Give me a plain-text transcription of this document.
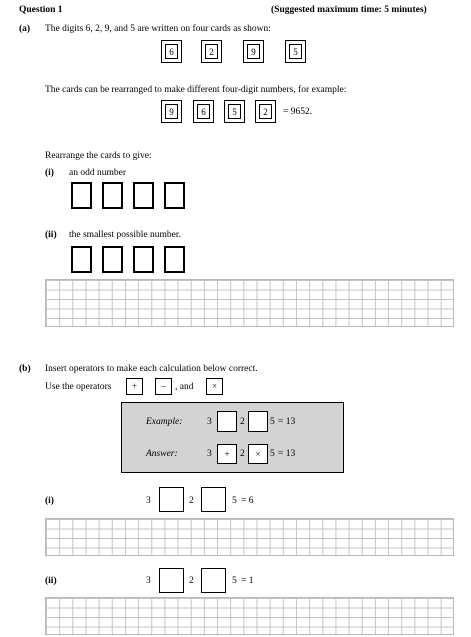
Question 1	(Suggested maximum time: 5 minutes)
(a) The digits 6, 2, 9, and 5 are written on four cards as shown:
6	2	9	5
The cards can be rearranged to make different four-digit numbers, for example:
9	6	5	2	= 9652.
Rearrange the cards to give:
(i) an odd number
(ii) the smallest possible number.
(b) Insert operators to make each calculation below correct.
Use the operators	+	– , and	×
Example:	3	2	5 = 13
Answer:	3	+	2	× 5 = 13
(i)	3	2	5 = 6
(ii)	3	2	5 = 1
